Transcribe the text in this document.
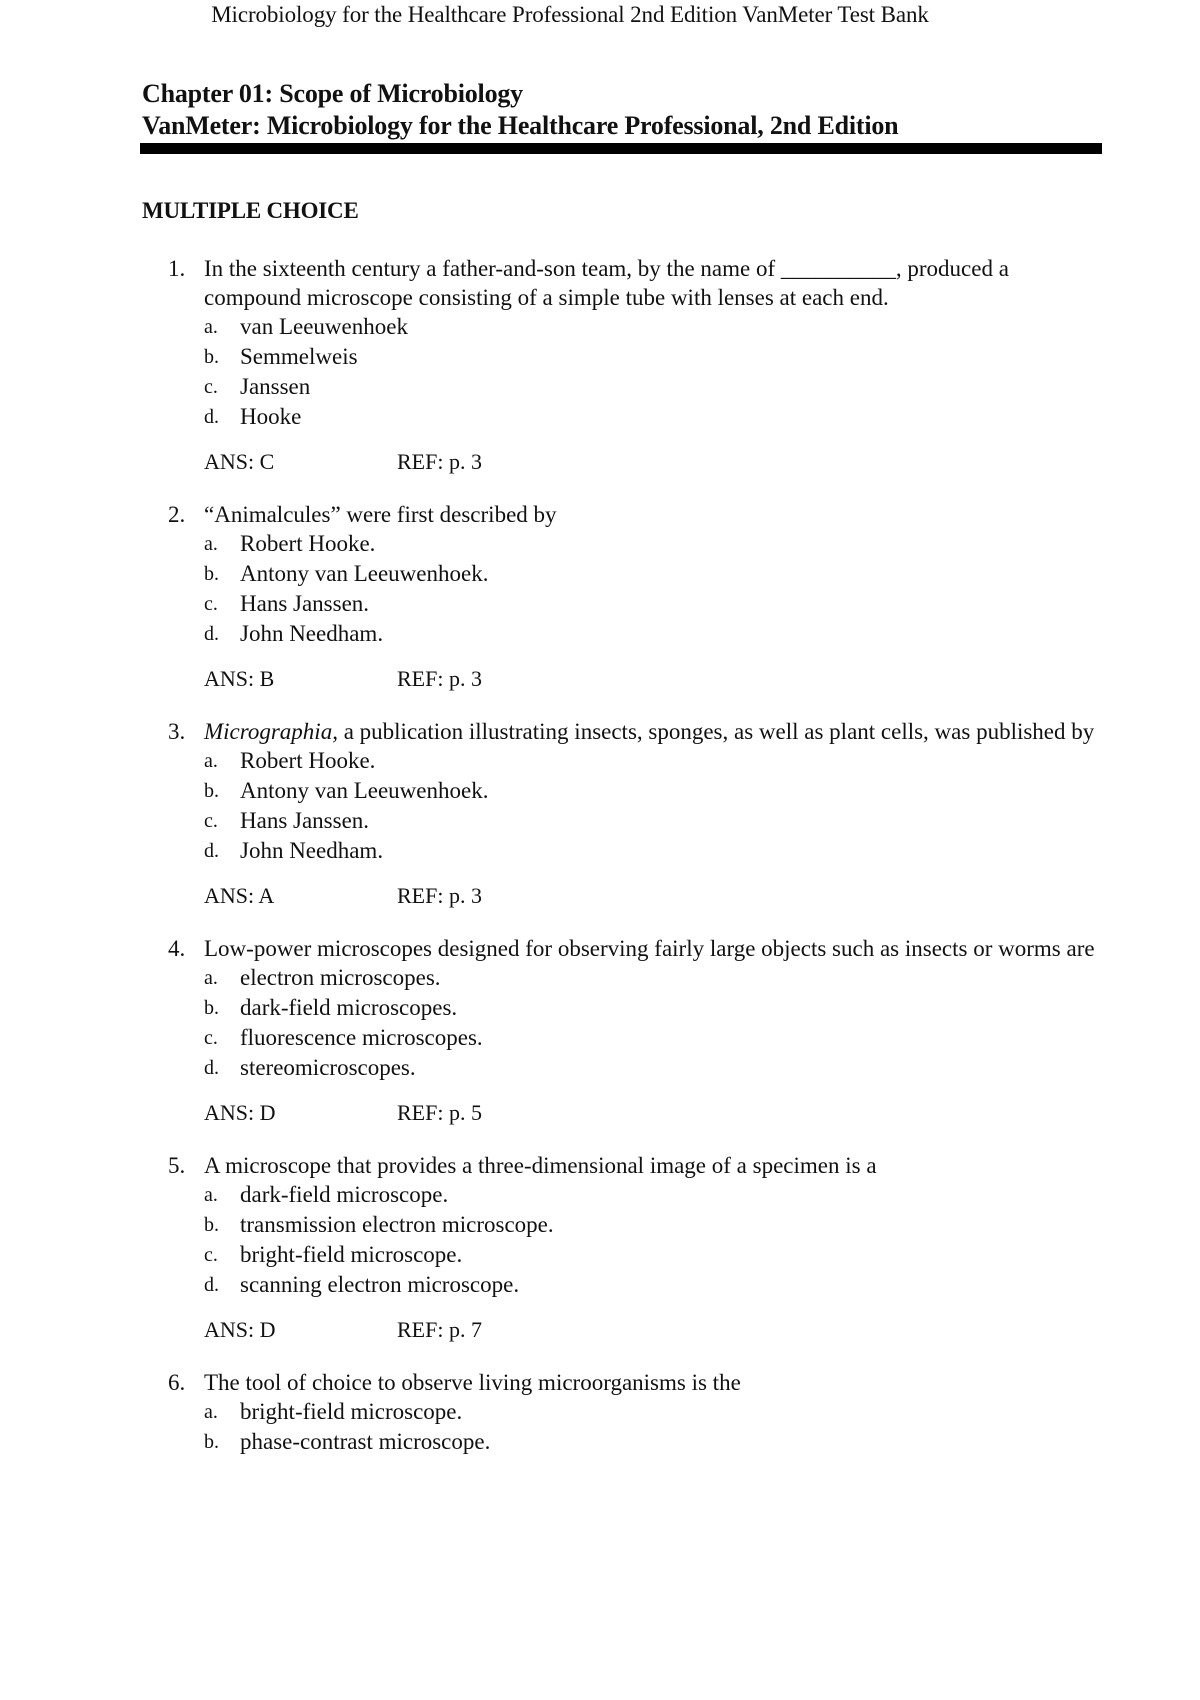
Microbiology for the Healthcare Professional 2nd Edition VanMeter Test Bank
Chapter 01: Scope of Microbiology
VanMeter: Microbiology for the Healthcare Professional, 2nd Edition
MULTIPLE CHOICE
1. In the sixteenth century a father-and-son team, by the name of __________, produced a compound microscope consisting of a simple tube with lenses at each end.
a. van Leeuwenhoek
b. Semmelweis
c. Janssen
d. Hooke
ANS: C	REF: p. 3
2. “Animalcules” were first described by
a. Robert Hooke.
b. Antony van Leeuwenhoek.
c. Hans Janssen.
d. John Needham.
ANS: B	REF: p. 3
3. Micrographia, a publication illustrating insects, sponges, as well as plant cells, was published by
a. Robert Hooke.
b. Antony van Leeuwenhoek.
c. Hans Janssen.
d. John Needham.
ANS: A	REF: p. 3
4. Low-power microscopes designed for observing fairly large objects such as insects or worms are
a. electron microscopes.
b. dark-field microscopes.
c. fluorescence microscopes.
d. stereomicroscopes.
ANS: D	REF: p. 5
5. A microscope that provides a three-dimensional image of a specimen is a
a. dark-field microscope.
b. transmission electron microscope.
c. bright-field microscope.
d. scanning electron microscope.
ANS: D	REF: p. 7
6. The tool of choice to observe living microorganisms is the
a. bright-field microscope.
b. phase-contrast microscope.
